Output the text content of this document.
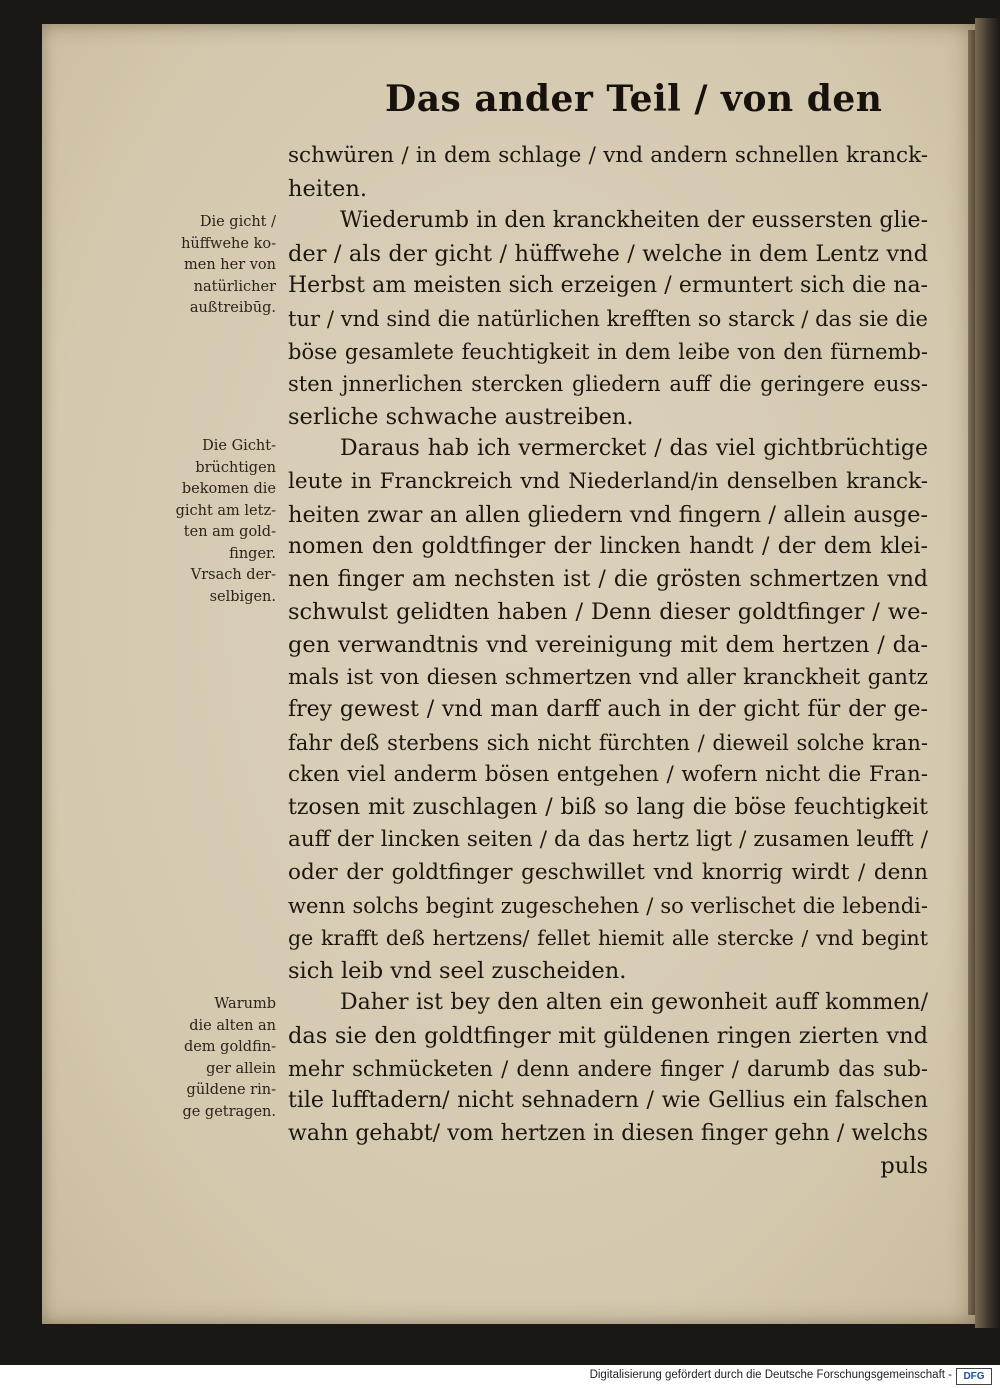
Das ander Teil / von den
schwüren / in dem schlage / vnd andern schnellen kranck-
heiten.
Wiederumb in den kranckheiten der eussersten glie-
der / als der gicht / hüffwehe / welche in dem Lentz vnd
Herbst am meisten sich erzeigen / ermuntert sich die na-
tur / vnd sind die natürlichen krefften so starck / das sie die
böse gesamlete feuchtigkeit in dem leibe von den fürnemb-
sten jnnerlichen stercken gliedern auff die geringere euss-
serliche schwache austreiben.
Daraus hab ich vermercket / das viel gichtbrüchtige
leute in Franckreich vnd Niederland/in denselben kranck-
heiten zwar an allen gliedern vnd fingern / allein ausge-
nomen den goldtfinger der lincken handt / der dem klei-
nen finger am nechsten ist / die grösten schmertzen vnd
schwulst gelidten haben / Denn dieser goldtfinger / we-
gen verwandtnis vnd vereinigung mit dem hertzen / da-
mals ist von diesen schmertzen vnd aller kranckheit gantz
frey gewest / vnd man darff auch in der gicht für der ge-
fahr deß sterbens sich nicht fürchten / dieweil solche kran-
cken viel anderm bösen entgehen / wofern nicht die Fran-
tzosen mit zuschlagen / biß so lang die böse feuchtigkeit
auff der lincken seiten / da das hertz ligt / zusamen leufft /
oder der goldtfinger geschwillet vnd knorrig wirdt / denn
wenn solchs begint zugeschehen / so verlischet die lebendi-
ge krafft deß hertzens/ fellet hiemit alle stercke / vnd begint
sich leib vnd seel zuscheiden.
Daher ist bey den alten ein gewonheit auff kommen/
das sie den goldtfinger mit güldenen ringen zierten vnd
mehr schmücketen / denn andere finger / darumb das sub-
tile lufftadern/ nicht sehnadern / wie Gellius ein falschen
wahn gehabt/ vom hertzen in diesen finger gehn / welchs
puls
Die gicht /
hüffwehe ko-
men her von
natürlicher
außtreibūg.
Die Gicht-
brüchtigen
bekomen die
gicht am letz-
ten am gold-
finger.
Vrsach der-
selbigen.
Warumb
die alten an
dem goldfin-
ger allein
güldene rin-
ge getragen.
Digitalisierung gefördert durch die Deutsche Forschungsgemeinschaft -	DFG
